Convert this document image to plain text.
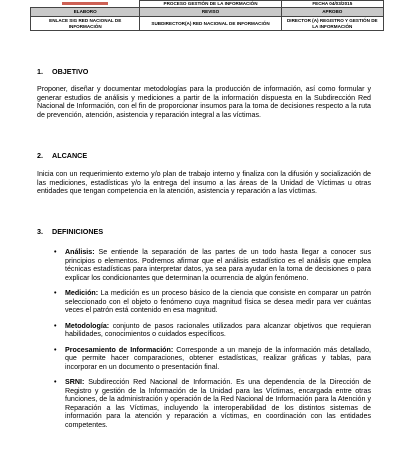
	PROCESO GESTIÓN DE LA INFORMACIÓN	FECHA 04/03/2015
ELABORO	REVISO	APROBO
ENLACE SIG RED NACIONAL DE INFORMACIÓN	SUBDIRECTOR(A) RED NACIONAL DE INFORMACIÓN	DIRECTOR (A) REGISTRO Y GESTIÓN DE LA INFORMACIÓN
1. OBJETIVO
Proponer, diseñar y documentar metodologías para la producción de información, así como formular y generar estudios de análisis y mediciones a partir de la información dispuesta en la Subdirección Red Nacional de Información, con el fin de proporcionar insumos para la toma de decisiones respecto a la ruta de prevención, atención, asistencia y reparación integral a las víctimas.
2. ALCANCE
Inicia con un requerimiento externo y/o plan de trabajo interno y finaliza con la difusión y socialización de las mediciones, estadísticas y/o la entrega del insumo a las áreas de la Unidad de Víctimas u otras entidades que tengan competencia en la atención, asistencia y reparación a las víctimas.
3. DEFINICIONES
• Análisis: Se entiende la separación de las partes de un todo hasta llegar a conocer sus principios o elementos. Podremos afirmar que el análisis estadístico es el análisis que emplea técnicas estadísticas para interpretar datos, ya sea para ayudar en la toma de decisiones o para explicar los condicionantes que determinan la ocurrencia de algún fenómeno.
• Medición: La medición es un proceso básico de la ciencia que consiste en comparar un patrón seleccionado con el objeto o fenómeno cuya magnitud física se desea medir para ver cuántas veces el patrón está contenido en esa magnitud.
• Metodología: conjunto de pasos racionales utilizados para alcanzar objetivos que requieran habilidades, conocimientos o cuidados específicos.
• Procesamiento de Información: Corresponde a un manejo de la información más detallado, que permite hacer comparaciones, obtener estadísticas, realizar gráficas y tablas, para incorporar en un documento o presentación final.
• SRNI: Subdirección Red Nacional de Información. Es una dependencia de la Dirección de Registro y gestión de la Información de la Unidad para las Víctimas, encargada entre otras funciones, de la administración y operación de la Red Nacional de Información para la Atención y Reparación a las Víctimas, incluyendo la interoperabilidad de los distintos sistemas de información para la atención y reparación a víctimas, en coordinación con las entidades competentes.
